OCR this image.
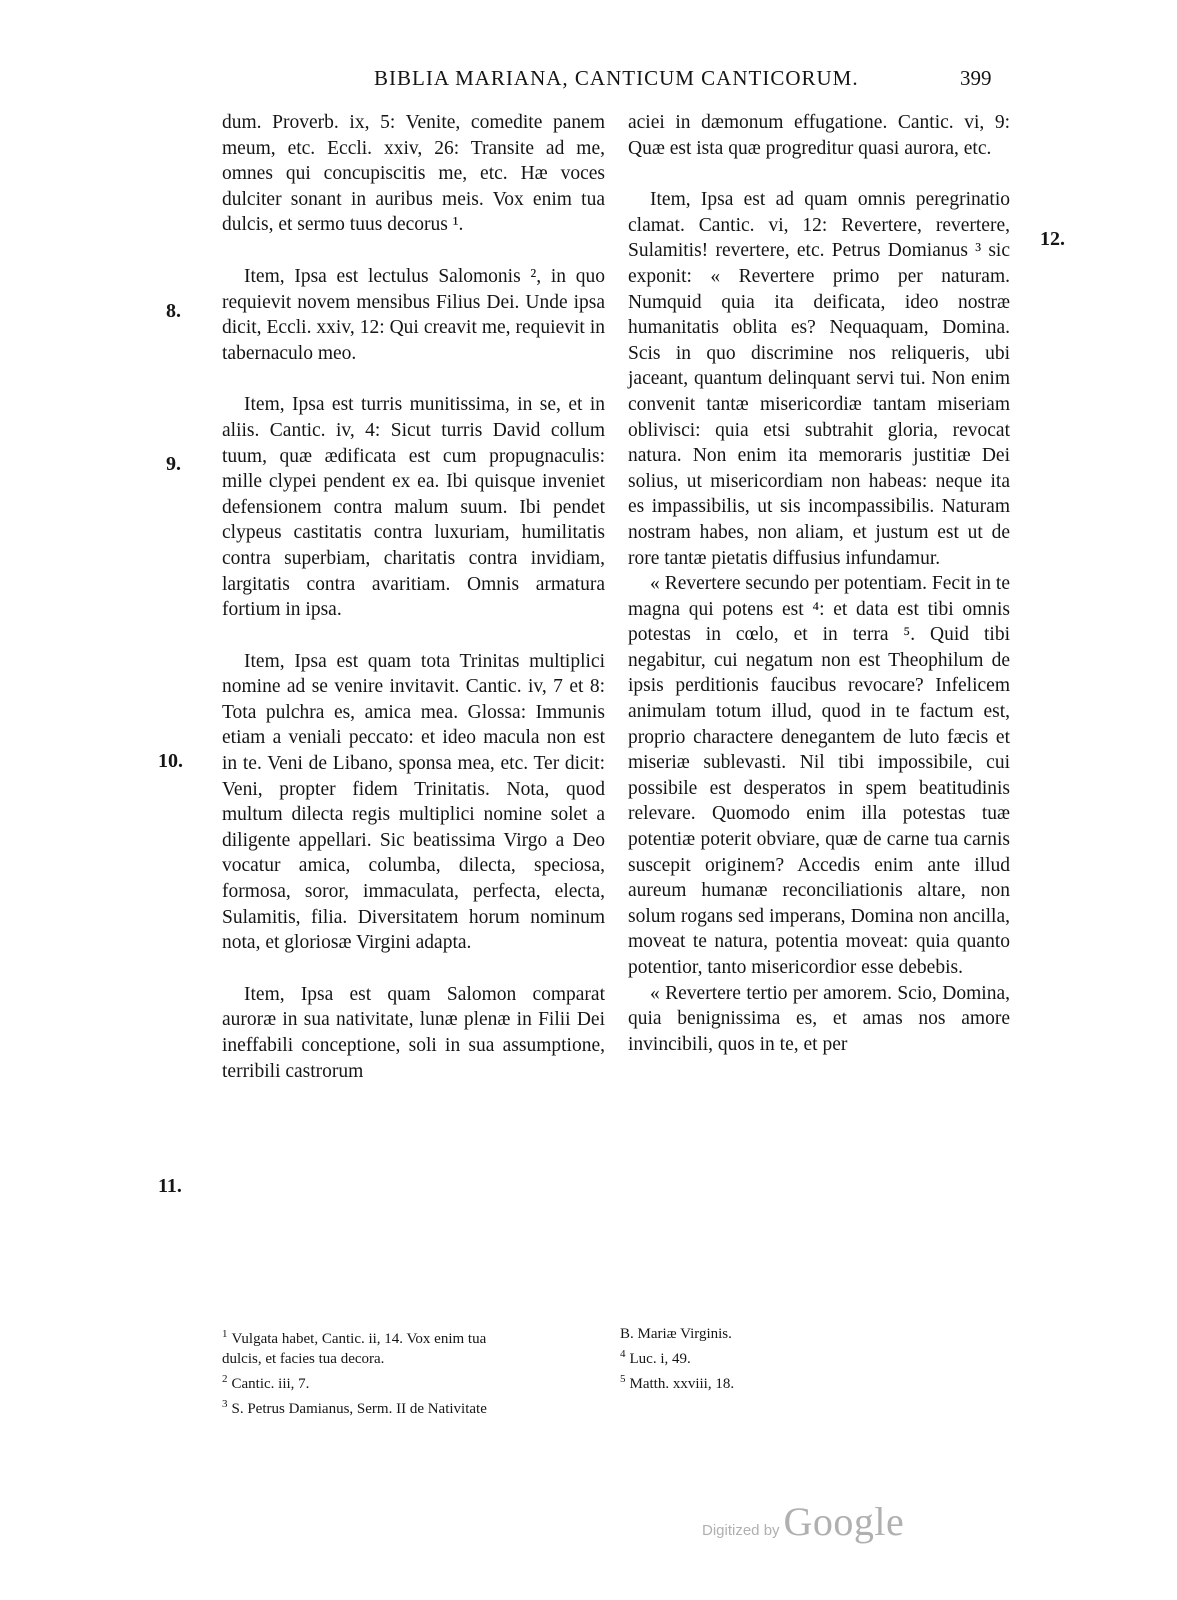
BIBLIA MARIANA, CANTICUM CANTICORUM.	399
8.
9.
10.
11.
12.

dum. Proverb. ix, 5: Venite, comedite panem meum, etc. Eccli. xxiv, 26: Transite ad me, omnes qui concupiscitis me, etc. Hæ voces dulciter sonant in auribus meis. Vox enim tua dulcis, et sermo tuus decorus ¹.

Item, Ipsa est lectulus Salomonis ², in quo requievit novem mensibus Filius Dei. Unde ipsa dicit, Eccli. xxiv, 12: Qui creavit me, requievit in tabernaculo meo.

Item, Ipsa est turris munitissima, in se, et in aliis. Cantic. iv, 4: Sicut turris David collum tuum, quæ ædificata est cum propugnaculis: mille clypei pendent ex ea. Ibi quisque inveniet defensionem contra malum suum. Ibi pendet clypeus castitatis contra luxuriam, humilitatis contra superbiam, charitatis contra invidiam, largitatis contra avaritiam. Omnis armatura fortium in ipsa.

Item, Ipsa est quam tota Trinitas multiplici nomine ad se venire invitavit. Cantic. iv, 7 et 8: Tota pulchra es, amica mea. Glossa: Immunis etiam a veniali peccato: et ideo macula non est in te. Veni de Libano, sponsa mea, etc. Ter dicit: Veni, propter fidem Trinitatis. Nota, quod multum dilecta regis multiplici nomine solet a diligente appellari. Sic beatissima Virgo a Deo vocatur amica, columba, dilecta, speciosa, formosa, soror, immaculata, perfecta, electa, Sulamitis, filia. Diversitatem horum nominum nota, et gloriosæ Virgini adapta.

Item, Ipsa est quam Salomon comparat auroræ in sua nativitate, lunæ plenæ in Filii Dei ineffabili conceptione, soli in sua assumptione, terribili castrorum

aciei in dæmonum effugatione. Cantic. vi, 9: Quæ est ista quæ progreditur quasi aurora, etc.

Item, Ipsa est ad quam omnis peregrinatio clamat. Cantic. vi, 12: Revertere, revertere, Sulamitis! revertere, etc. Petrus Domianus ³ sic exponit: « Revertere primo per naturam. Numquid quia ita deificata, ideo nostræ humanitatis oblita es? Nequaquam, Domina. Scis in quo discrimine nos reliqueris, ubi jaceant, quantum delinquant servi tui. Non enim convenit tantæ misericordiæ tantam miseriam oblivisci: quia etsi subtrahit gloria, revocat natura. Non enim ita memoraris justitiæ Dei solius, ut misericordiam non habeas: neque ita es impassibilis, ut sis incompassibilis. Naturam nostram habes, non aliam, et justum est ut de rore tantæ pietatis diffusius infundamur.

« Revertere secundo per potentiam. Fecit in te magna qui potens est ⁴: et data est tibi omnis potestas in cœlo, et in terra ⁵. Quid tibi negabitur, cui negatum non est Theophilum de ipsis perditionis faucibus revocare? Infelicem animulam totum illud, quod in te factum est, proprio charactere denegantem de luto fæcis et miseriæ sublevasti. Nil tibi impossibile, cui possibile est desperatos in spem beatitudinis relevare. Quomodo enim illa potestas tuæ potentiæ poterit obviare, quæ de carne tua carnis suscepit originem? Accedis enim ante illud aureum humanæ reconciliationis altare, non solum rogans sed imperans, Domina non ancilla, moveat te natura, potentia moveat: quia quanto potentior, tanto misericordior esse debebis.

« Revertere tertio per amorem. Scio, Domina, quia benignissima es, et amas nos amore invincibili, quos in te, et per

$^1$ Vulgata habet, Cantic. ii, 14. Vox enim tua
dulcis, et facies tua decora.
$^2$ Cantic. iii, 7.
$^3$ S. Petrus Damianus, Serm. II de Nativitate
B. Mariæ Virginis.
$^4$ Luc. i, 49.
$^5$ Matth. xxviii, 18.
Digitized by Google
